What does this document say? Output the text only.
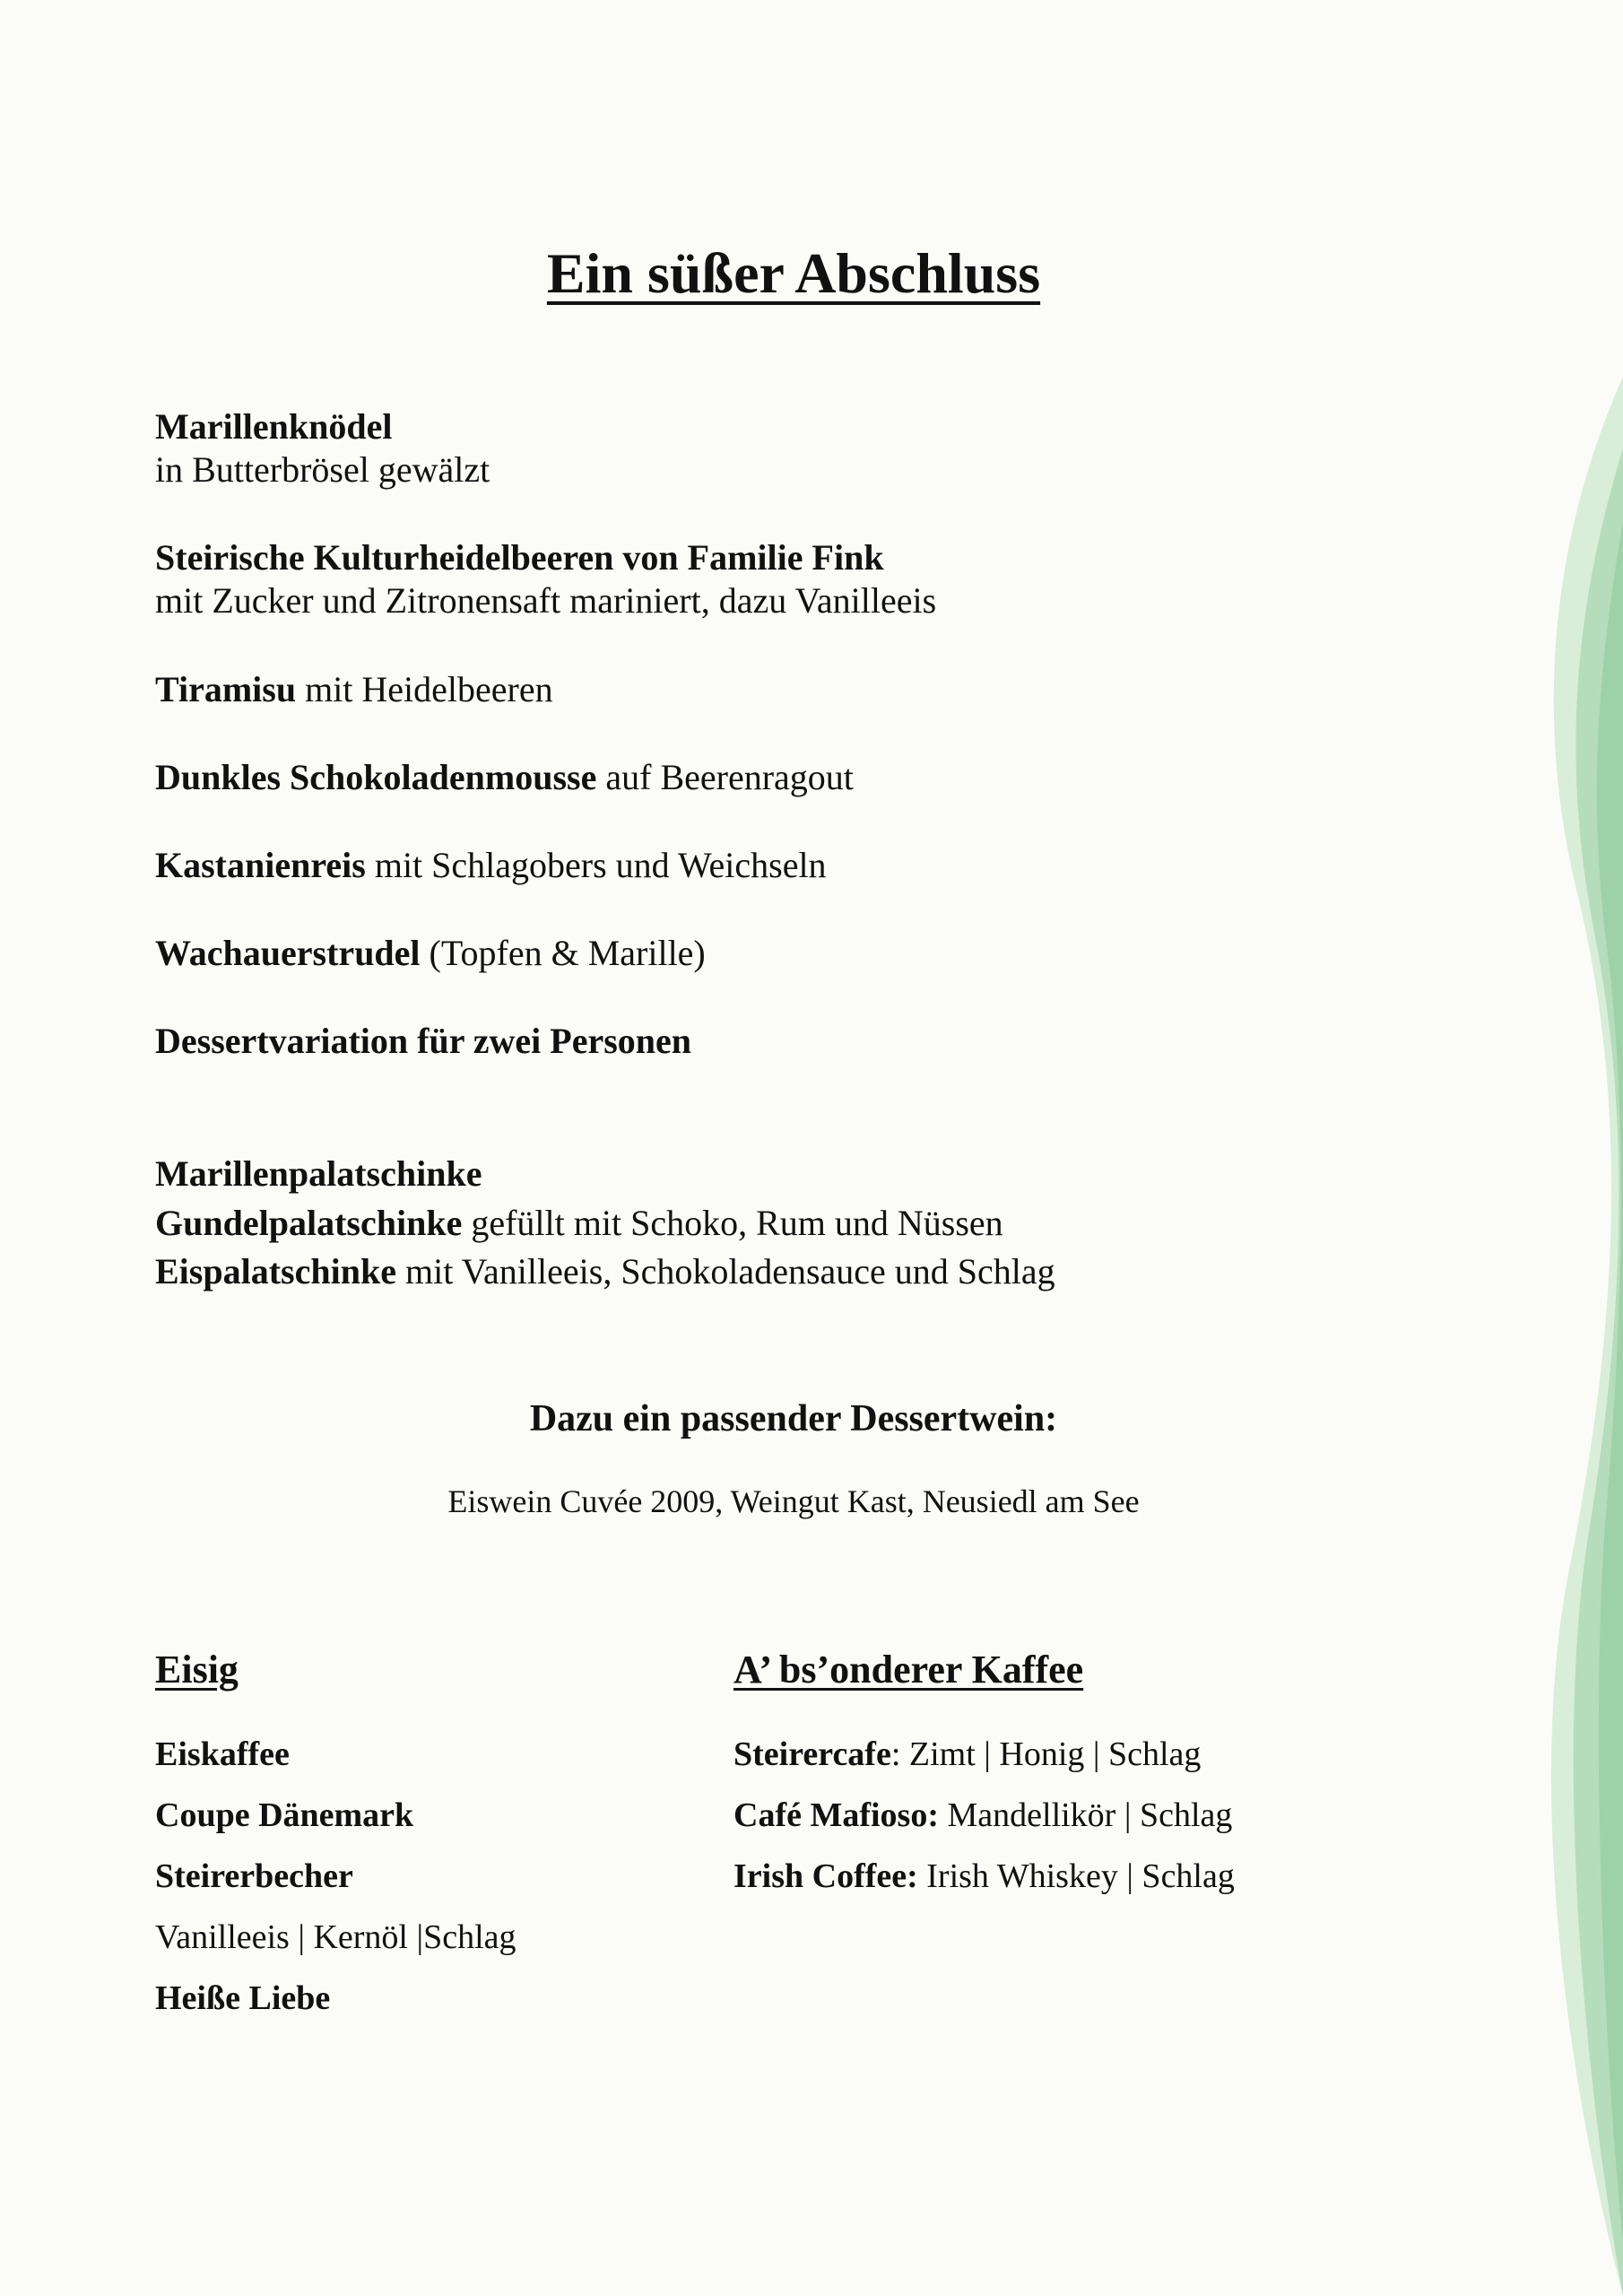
Ein süßer Abschluss
Marillenknödel
in Butterbrösel gewälzt
Steirische Kulturheidelbeeren von Familie Fink
mit Zucker und Zitronensaft mariniert, dazu Vanilleeis
Tiramisu mit Heidelbeeren
Dunkles Schokoladenmousse auf Beerenragout
Kastanienreis mit Schlagobers und Weichseln
Wachauerstrudel (Topfen & Marille)
Dessertvariation für zwei Personen
Marillenpalatschinke
Gundelpalatschinke gefüllt mit Schoko, Rum und Nüssen
Eispalatschinke mit Vanilleeis, Schokoladensauce und Schlag
Dazu ein passender Dessertwein:
Eiswein Cuvée 2009, Weingut Kast, Neusiedl am See
Eisig
Eiskaffee
Coupe Dänemark
Steirerbecher
Vanilleeis | Kernöl |Schlag
Heiße Liebe
A’ bs’onderer Kaffee
Steirercafe: Zimt | Honig | Schlag
Café Mafioso: Mandellikör | Schlag
Irish Coffee: Irish Whiskey | Schlag
